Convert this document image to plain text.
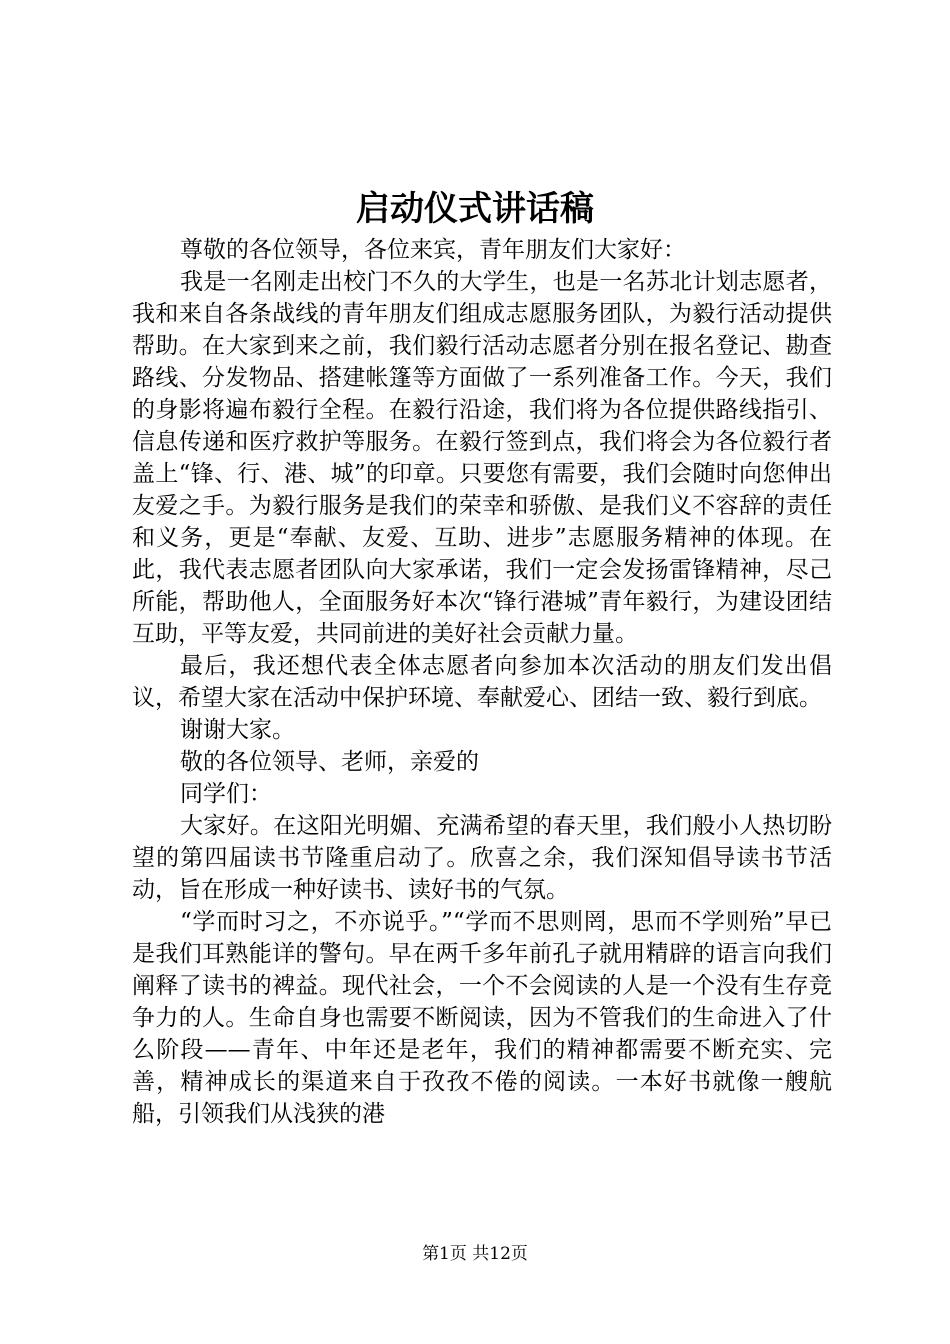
启动仪式讲话稿

尊敬的各位领导，各位来宾，青年朋友们大家好：

我是一名刚走出校门不久的大学生，也是一名苏北计划志愿者，我和来自各条战线的青年朋友们组成志愿服务团队，为毅行活动提供帮助。在大家到来之前，我们毅行活动志愿者分别在报名登记、勘查路线、分发物品、搭建帐篷等方面做了一系列准备工作。今天，我们的身影将遍布毅行全程。在毅行沿途，我们将为各位提供路线指引、信息传递和医疗救护等服务。在毅行签到点，我们将会为各位毅行者盖上“锋、行、港、城”的印章。只要您有需要，我们会随时向您伸出友爱之手。为毅行服务是我们的荣幸和骄傲、是我们义不容辞的责任和义务，更是“奉献、友爱、互助、进步”志愿服务精神的体现。在此，我代表志愿者团队向大家承诺，我们一定会发扬雷锋精神，尽己所能，帮助他人，全面服务好本次“锋行港城”青年毅行，为建设团结互助，平等友爱，共同前进的美好社会贡献力量。

最后，我还想代表全体志愿者向参加本次活动的朋友们发出倡议，希望大家在活动中保护环境、奉献爱心、团结一致、毅行到底。

谢谢大家。

敬的各位领导、老师，亲爱的

同学们：

大家好。在这阳光明媚、充满希望的春天里，我们般小人热切盼望的第四届读书节隆重启动了。欣喜之余，我们深知倡导读书节活动，旨在形成一种好读书、读好书的气氛。

“学而时习之，不亦说乎。”“学而不思则罔，思而不学则殆”早已是我们耳熟能详的警句。早在两千多年前孔子就用精辟的语言向我们阐释了读书的裨益。现代社会，一个不会阅读的人是一个没有生存竞争力的人。生命自身也需要不断阅读，因为不管我们的生命进入了什么阶段——青年、中年还是老年，我们的精神都需要不断充实、完善，精神成长的渠道来自于孜孜不倦的阅读。一本好书就像一艘航船，引领我们从浅狭的港

第1页 共12页
